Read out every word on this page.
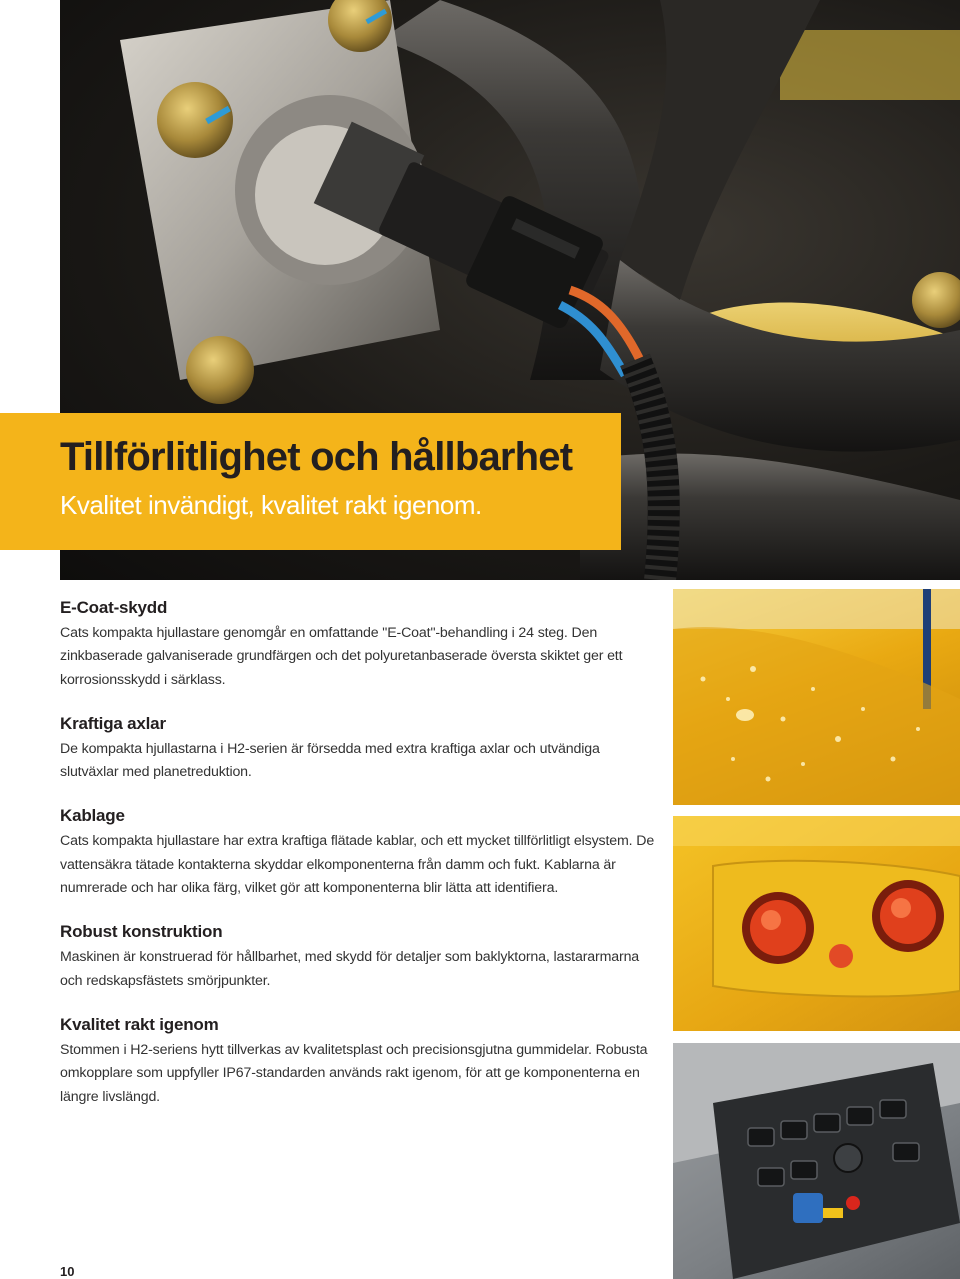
Tillförlitlighet och hållbarhet
Kvalitet invändigt, kvalitet rakt igenom.
E-Coat-skydd

Cats kompakta hjullastare genomgår en omfattande "E-Coat"-behandling i 24 steg. Den zinkbaserade galvaniserade grundfärgen och det polyuretanbaserade översta skiktet ger ett korrosionsskydd i särklass.

Kraftiga axlar

De kompakta hjullastarna i H2-serien är försedda med extra kraftiga axlar och utvändiga slutväxlar med planetreduktion.

Kablage

Cats kompakta hjullastare har extra kraftiga flätade kablar, och ett mycket tillförlitligt elsystem. De vattensäkra tätade kontakterna skyddar elkomponenterna från damm och fukt. Kablarna är numrerade och har olika färg, vilket gör att komponenterna blir lätta att identifiera.

Robust konstruktion

Maskinen är konstruerad för hållbarhet, med skydd för detaljer som baklyktorna, lastararmarna och redskapsfästets smörjpunkter.

Kvalitet rakt igenom

Stommen i H2-seriens hytt tillverkas av kvalitetsplast och precisionsgjutna gummidelar. Robusta omkopplare som uppfyller IP67-standarden används rakt igenom, för att ge komponenterna en längre livslängd.

10
